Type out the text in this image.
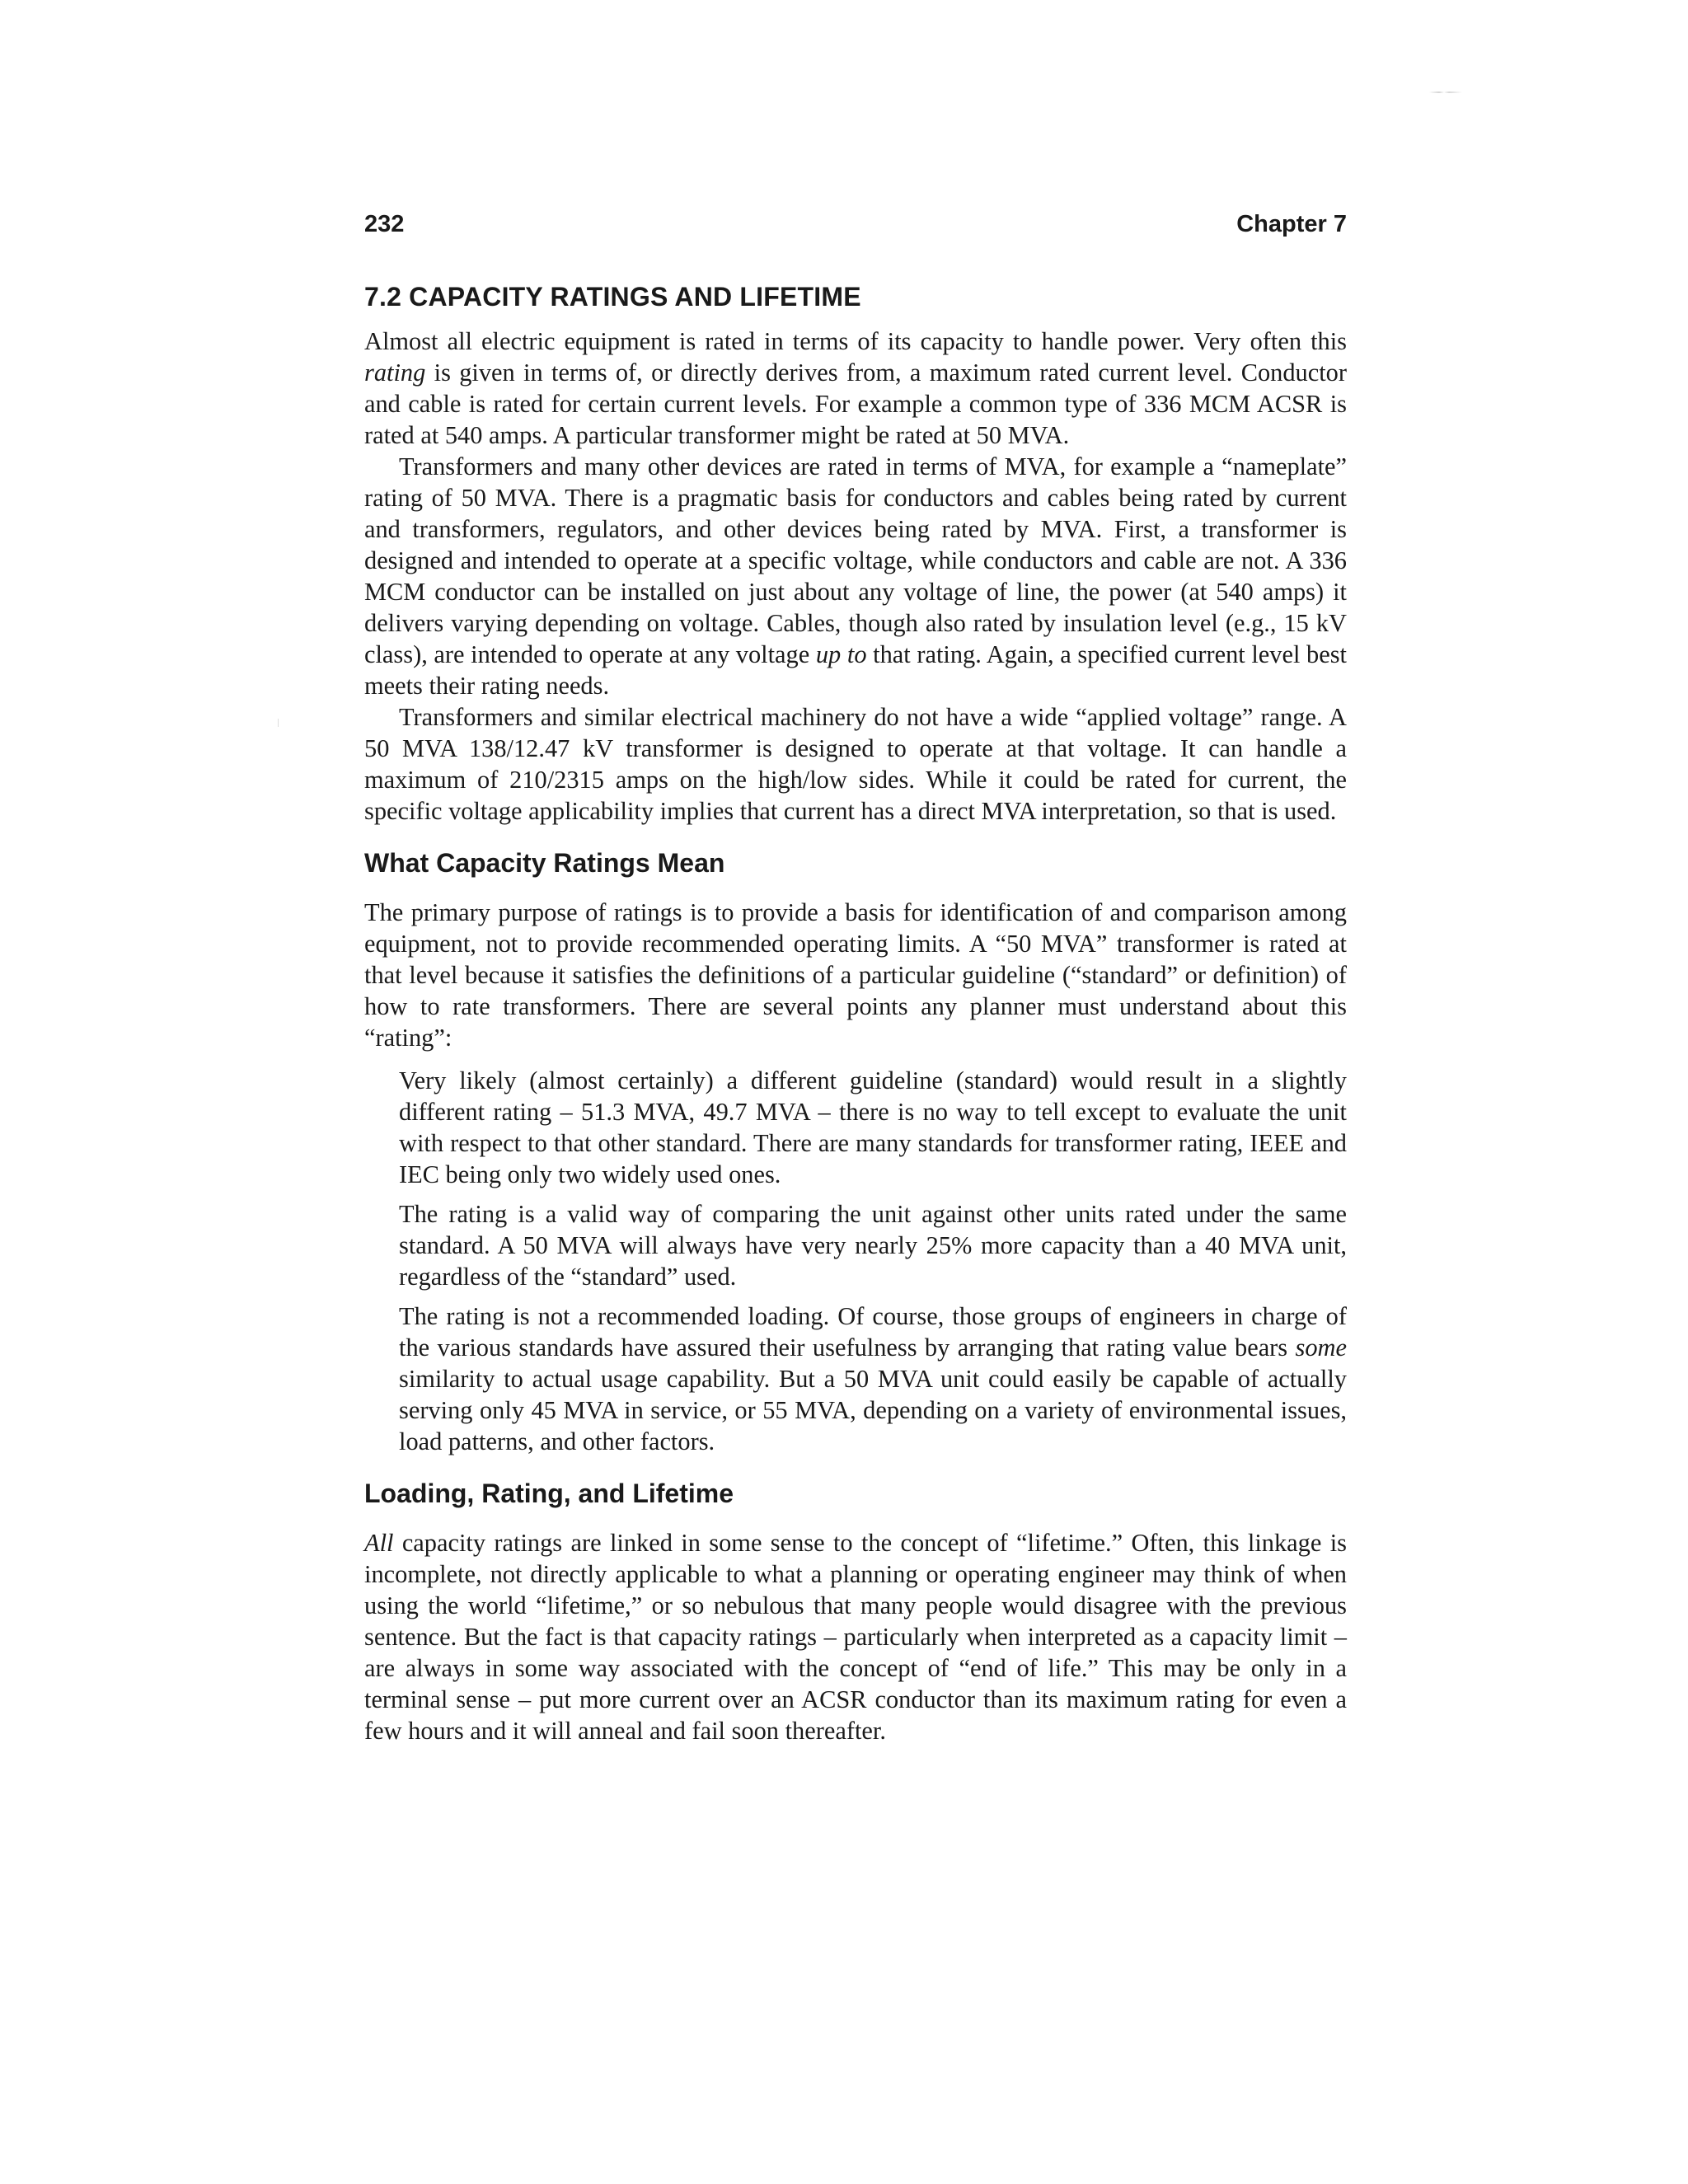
232	Chapter 7
7.2 CAPACITY RATINGS AND LIFETIME

Almost all electric equipment is rated in terms of its capacity to handle power. Very often this rating is given in terms of, or directly derives from, a maximum rated current level. Conductor and cable is rated for certain current levels. For example a common type of 336 MCM ACSR is rated at 540 amps. A particular transformer might be rated at 50 MVA.

Transformers and many other devices are rated in terms of MVA, for example a “nameplate” rating of 50 MVA. There is a pragmatic basis for conductors and cables being rated by current and transformers, regulators, and other devices being rated by MVA. First, a transformer is designed and intended to operate at a specific voltage, while conductors and cable are not. A 336 MCM conductor can be installed on just about any voltage of line, the power (at 540 amps) it delivers varying depending on voltage. Cables, though also rated by insulation level (e.g., 15 kV class), are intended to operate at any voltage up to that rating. Again, a specified current level best meets their rating needs.

Transformers and similar electrical machinery do not have a wide “applied voltage” range. A 50 MVA 138/12.47 kV transformer is designed to operate at that voltage. It can handle a maximum of 210/2315 amps on the high/low sides. While it could be rated for current, the specific voltage applicability implies that current has a direct MVA interpretation, so that is used.

What Capacity Ratings Mean

The primary purpose of ratings is to provide a basis for identification of and comparison among equipment, not to provide recommended operating limits. A “50 MVA” transformer is rated at that level because it satisfies the definitions of a particular guideline (“standard” or definition) of how to rate transformers. There are several points any planner must understand about this “rating”:

Very likely (almost certainly) a different guideline (standard) would result in a slightly different rating – 51.3 MVA, 49.7 MVA – there is no way to tell except to evaluate the unit with respect to that other standard. There are many standards for transformer rating, IEEE and IEC being only two widely used ones.

The rating is a valid way of comparing the unit against other units rated under the same standard. A 50 MVA will always have very nearly 25% more capacity than a 40 MVA unit, regardless of the “standard” used.

The rating is not a recommended loading. Of course, those groups of engineers in charge of the various standards have assured their usefulness by arranging that rating value bears some similarity to actual usage capability. But a 50 MVA unit could easily be capable of actually serving only 45 MVA in service, or 55 MVA, depending on a variety of environmental issues, load patterns, and other factors.

Loading, Rating, and Lifetime

All capacity ratings are linked in some sense to the concept of “lifetime.” Often, this linkage is incomplete, not directly applicable to what a planning or operating engineer may think of when using the world “lifetime,” or so nebulous that many people would disagree with the previous sentence. But the fact is that capacity ratings – particularly when interpreted as a capacity limit – are always in some way associated with the concept of “end of life.” This may be only in a terminal sense – put more current over an ACSR conductor than its maximum rating for even a few hours and it will anneal and fail soon thereafter.
